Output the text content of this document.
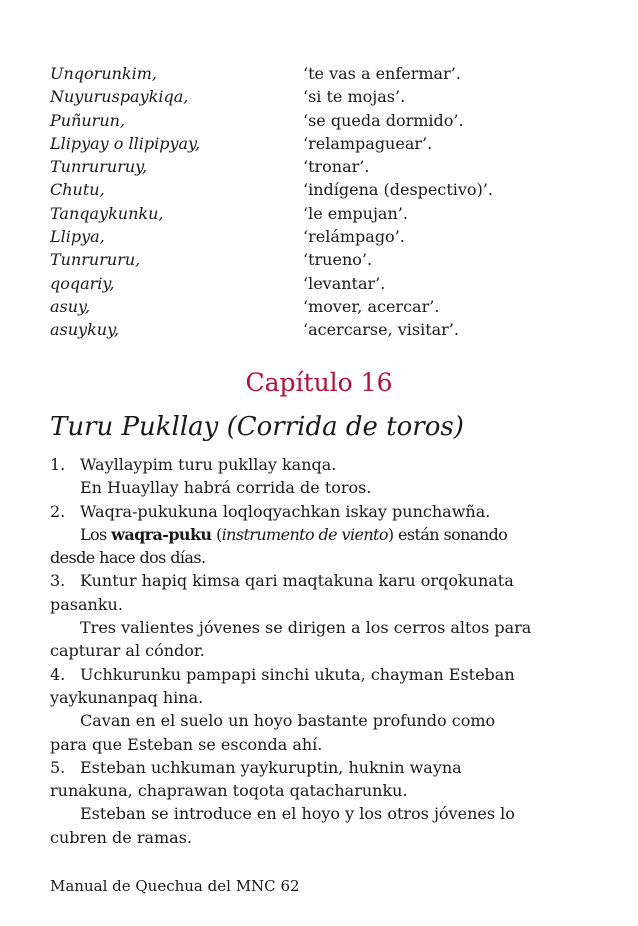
Unqorunkim,	‘te vas a enfermar’.
Nuyuruspaykiqa,	‘si te mojas’.
Puñurun,	‘se queda dormido’.
Llipyay o llipipyay,	‘relampaguear’.
Tunrururuy,	‘tronar’.
Chutu,	‘indígena (despectivo)’.
Tanqaykunku,	‘le empujan’.
Llipya,	‘relámpago’.
Tunrururu,	‘trueno’.
qoqariy,	‘levantar’.
asuy,	‘mover, acercar’.
asuykuy,	‘acercarse, visitar’.
Capítulo 16
Turu Pukllay (Corrida de toros)
1. Wayllaypim turu pukllay kanqa.
En Huayllay habrá corrida de toros.
2. Waqra-pukukuna loqloqyachkan iskay punchawña.
Los waqra-puku (instrumento de viento) están sonando
desde hace dos días.
3. Kuntur hapiq kimsa qari maqtakuna karu orqokunata
pasanku.
Tres valientes jóvenes se dirigen a los cerros altos para
capturar al cóndor.
4. Uchkurunku pampapi sinchi ukuta, chayman Esteban
yaykunanpaq hina.
Cavan en el suelo un hoyo bastante profundo como
para que Esteban se esconda ahí.
5. Esteban uchkuman yaykuruptin, huknin wayna
runakuna, chaprawan toqota qatacharunku.
Esteban se introduce en el hoyo y los otros jóvenes lo
cubren de ramas.
Manual de Quechua del MNC 62
